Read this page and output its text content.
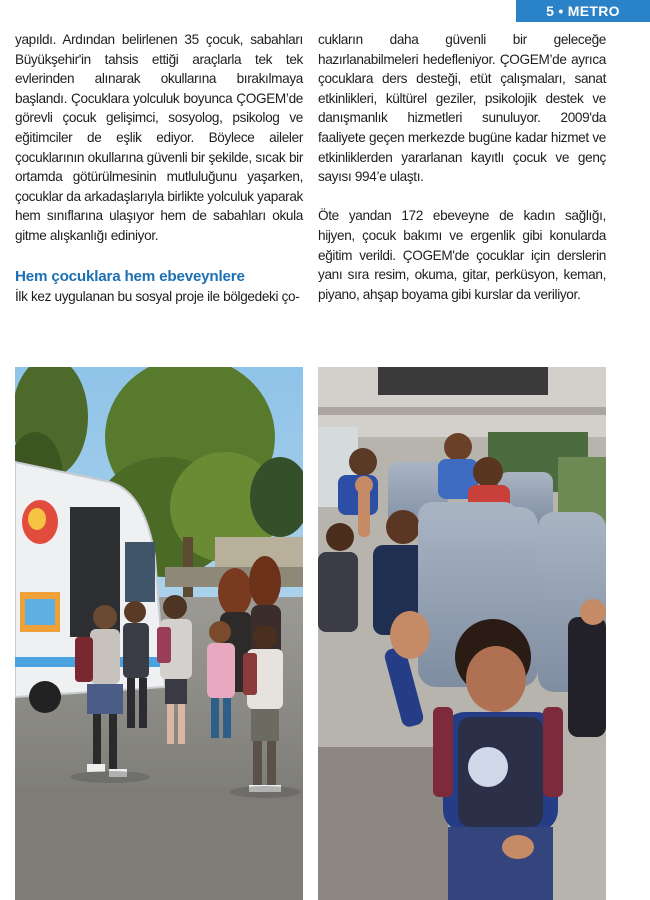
5 • METRO

yapıldı. Ardından belirlenen 35 çocuk, sabahları Büyükşehir'in tahsis ettiği araçlarla tek tek evlerinden alınarak okullarına bırakılmaya başlandı. Çocuklara yolculuk boyunca ÇOGEM’de görevli çocuk gelişimci, sosyolog, psikolog ve eğitimciler de eşlik ediyor. Böylece aileler çocuklarının okullarına güvenli bir şekilde, sıcak bir ortamda götürülmesinin mutluluğunu yaşarken, çocuklar da arkadaşlarıyla birlikte yolculuk yaparak hem sınıflarına ulaşıyor hem de sabahları okula gitme alışkanlığı ediniyor.

Hem çocuklara hem ebeveynlere

İlk kez uygulanan bu sosyal proje ile bölgedeki ço-

cukların daha güvenli bir geleceğe hazırlanabilmeleri hedefleniyor. ÇOGEM’de ayrıca çocuklara ders desteği, etüt çalışmaları, sanat etkinlikleri, kültürel geziler, psikolojik destek ve danışmanlık hizmetleri sunuluyor. 2009'da faaliyete geçen merkezde bugüne kadar hizmet ve etkinliklerden yararlanan kayıtlı çocuk ve genç sayısı 994’e ulaştı.

Öte yandan 172 ebeveyne de kadın sağlığı, hijyen, çocuk bakımı ve ergenlik gibi konularda eğitim verildi. ÇOGEM'de çocuklar için derslerin yanı sıra resim, okuma, gitar, perküsyon, keman, piyano, ahşap boyama gibi kurslar da veriliyor.
